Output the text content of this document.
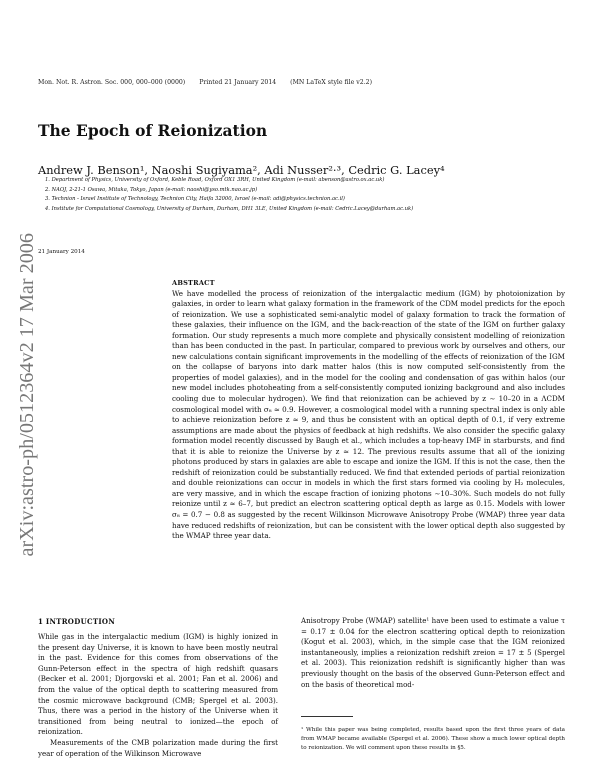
Mon. Not. R. Astron. Soc. 000, 000–000 (0000) Printed 21 January 2014 (MN LaTeX style file v2.2)
The Epoch of Reionization
Andrew J. Benson¹, Naoshi Sugiyama², Adi Nusser²·³, Cedric G. Lacey⁴
1. Department of Physics, University of Oxford, Keble Road, Oxford OX1 3RH, United Kingdom (e-mail: abenson@astro.ox.ac.uk)
2. NAOJ, 2-21-1 Osawa, Mitaka, Tokyo, Japan (e-mail: naoshi@yso.mtk.nao.ac.jp)
3. Technion - Israel Institute of Technology, Technion City, Haifa 32000, Israel (e-mail: adi@physics.technion.ac.il)
4. Institute for Computational Cosmology, University of Durham, Durham, DH1 3LE, United Kingdom (e-mail: Cedric.Lacey@durham.ac.uk)
21 January 2014
arXiv:astro-ph/0512364v2 17 Mar 2006	ABSTRACT
We have modelled the process of reionization of the intergalactic medium (IGM) by photoionization by galaxies, in order to learn what galaxy formation in the framework of the CDM model predicts for the epoch of reionization. We use a sophisticated semi-analytic model of galaxy formation to track the formation of these galaxies, their influence on the IGM, and the back-reaction of the state of the IGM on further galaxy formation. Our study represents a much more complete and physically consistent modelling of reionization than has been conducted in the past. In particular, compared to previous work by ourselves and others, our new calculations contain significant improvements in the modelling of the effects of reionization of the IGM on the collapse of baryons into dark matter halos (this is now computed self-consistently from the properties of model galaxies), and in the model for the cooling and condensation of gas within halos (our new model includes photoheating from a self-consistently computed ionizing background and also includes cooling due to molecular hydrogen). We find that reionization can be achieved by z ∼ 10–20 in a ΛCDM cosmological model with σ₈ ≈ 0.9. However, a cosmological model with a running spectral index is only able to achieve reionization before z ≈ 9, and thus be consistent with an optical depth of 0.1, if very extreme assumptions are made about the physics of feedback at high redshifts. We also consider the specific galaxy formation model recently discussed by Baugh et al., which includes a top-heavy IMF in starbursts, and find that it is able to reionize the Universe by z ≈ 12. The previous results assume that all of the ionizing photons produced by stars in galaxies are able to escape and ionize the IGM. If this is not the case, then the redshift of reionization could be substantially reduced. We find that extended periods of partial reionization and double reionizations can occur in models in which the first stars formed via cooling by H₂ molecules, are very massive, and in which the escape fraction of ionizing photons ∼10–30%. Such models do not fully reionize until z ≈ 6–7, but predict an electron scattering optical depth as large as 0.15. Models with lower σ₈ = 0.7 − 0.8 as suggested by the recent Wilkinson Microwave Anisotropy Probe (WMAP) three year data have reduced redshifts of reionization, but can be consistent with the lower optical depth also suggested by the WMAP three year data.
1 INTRODUCTION

While gas in the intergalactic medium (IGM) is highly ionized in the present day Universe, it is known to have been mostly neutral in the past. Evidence for this comes from observations of the Gunn-Peterson effect in the spectra of high redshift quasars (Becker et al. 2001; Djorgovski et al. 2001; Fan et al. 2006) and from the value of the optical depth to scattering measured from the cosmic microwave background (CMB; Spergel et al. 2003). Thus, there was a period in the history of the Universe when it transitioned from being neutral to ionized—the epoch of reionization.

Measurements of the CMB polarization made during the first year of operation of the Wilkinson Microwave

Anisotropy Probe (WMAP) satellite¹ have been used to estimate a value τ = 0.17 ± 0.04 for the electron scattering optical depth to reionization (Kogut et al. 2003), which, in the simple case that the IGM reionized instantaneously, implies a reionization redshift zreion = 17 ± 5 (Spergel et al. 2003). This reionization redshift is significantly higher than was previously thought on the basis of the observed Gunn-Peterson effect and on the basis of theoretical mod-

¹ While this paper was being completed, results based upon the first three years of data from WMAP became available (Spergel et al. 2006). These show a much lower optical depth to reionization. We will comment upon these results in §5.
